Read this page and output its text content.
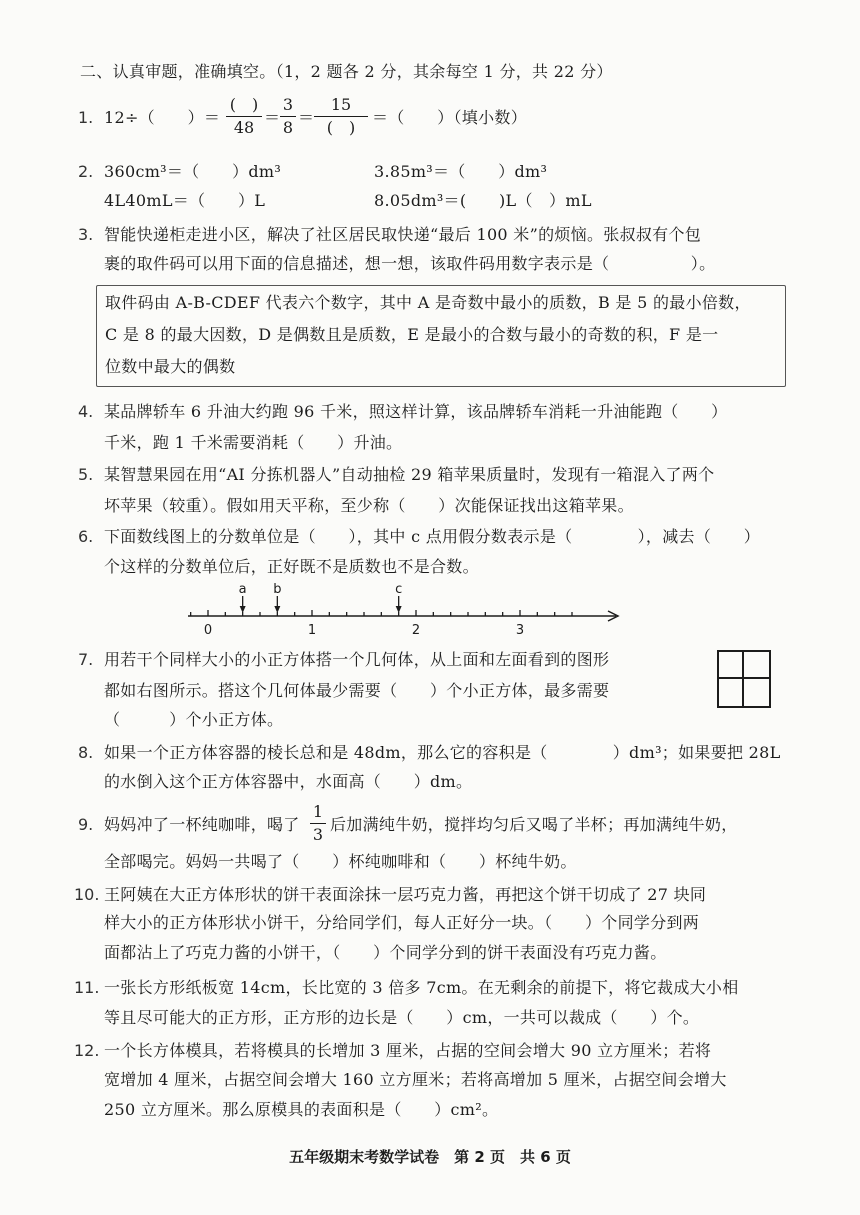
二、认真审题，准确填空。（1，2 题各 2 分，其余每空 1 分，共 22 分）
1. 12÷（　　）＝
(　)
48
＝
3
8
＝
15
(　)
＝（　　）（填小数）
2. 360cm³＝（　　）dm³	3.85m³＝（　　）dm³
4L40mL＝（　　）L	8.05dm³＝(　　)L（　）mL
3. 智能快递柜走进小区，解决了社区居民取快递“最后 100 米”的烦恼。张叔叔有个包
裹的取件码可以用下面的信息描述，想一想，该取件码用数字表示是（　　　　　）。
取件码由 A-B-CDEF 代表六个数字，其中 A 是奇数中最小的质数，B 是 5 的最小倍数，
C 是 8 的最大因数，D 是偶数且是质数，E 是最小的合数与最小的奇数的积，F 是一
位数中最大的偶数
4. 某品牌轿车 6 升油大约跑 96 千米，照这样计算，该品牌轿车消耗一升油能跑（　　）
千米，跑 1 千米需要消耗（　　）升油。
5. 某智慧果园在用“AI 分拣机器人”自动抽检 29 箱苹果质量时，发现有一箱混入了两个
坏苹果（较重）。假如用天平称，至少称（　　）次能保证找出这箱苹果。
6. 下面数线图上的分数单位是（　　），其中 c 点用假分数表示是（　　　　），减去（　　）
个这样的分数单位后，正好既不是质数也不是合数。
0	1	2	3
a b	c
7. 用若干个同样大小的小正方体搭一个几何体，从上面和左面看到的图形
都如右图所示。搭这个几何体最少需要（　　）个小正方体，最多需要
（　　　）个小正方体。
8. 如果一个正方体容器的棱长总和是 48dm，那么它的容积是（　　　　）dm³；如果要把 28L
的水倒入这个正方体容器中，水面高（　　）dm。
9. 妈妈冲了一杯纯咖啡，喝了
1
3
后加满纯牛奶，搅拌均匀后又喝了半杯；再加满纯牛奶，
全部喝完。妈妈一共喝了（　　）杯纯咖啡和（　　）杯纯牛奶。
10. 王阿姨在大正方体形状的饼干表面涂抹一层巧克力酱，再把这个饼干切成了 27 块同
样大小的正方体形状小饼干，分给同学们，每人正好分一块。（　　）个同学分到两
面都沾上了巧克力酱的小饼干，（　　）个同学分到的饼干表面没有巧克力酱。
11. 一张长方形纸板宽 14cm，长比宽的 3 倍多 7cm。在无剩余的前提下，将它裁成大小相
等且尽可能大的正方形，正方形的边长是（　　）cm，一共可以裁成（　　）个。
12. 一个长方体模具，若将模具的长增加 3 厘米，占据的空间会增大 90 立方厘米；若将
宽增加 4 厘米，占据空间会增大 160 立方厘米；若将高增加 5 厘米，占据空间会增大
250 立方厘米。那么原模具的表面积是（　　）cm²。
五年级期末考数学试卷　第 2 页　共 6 页
